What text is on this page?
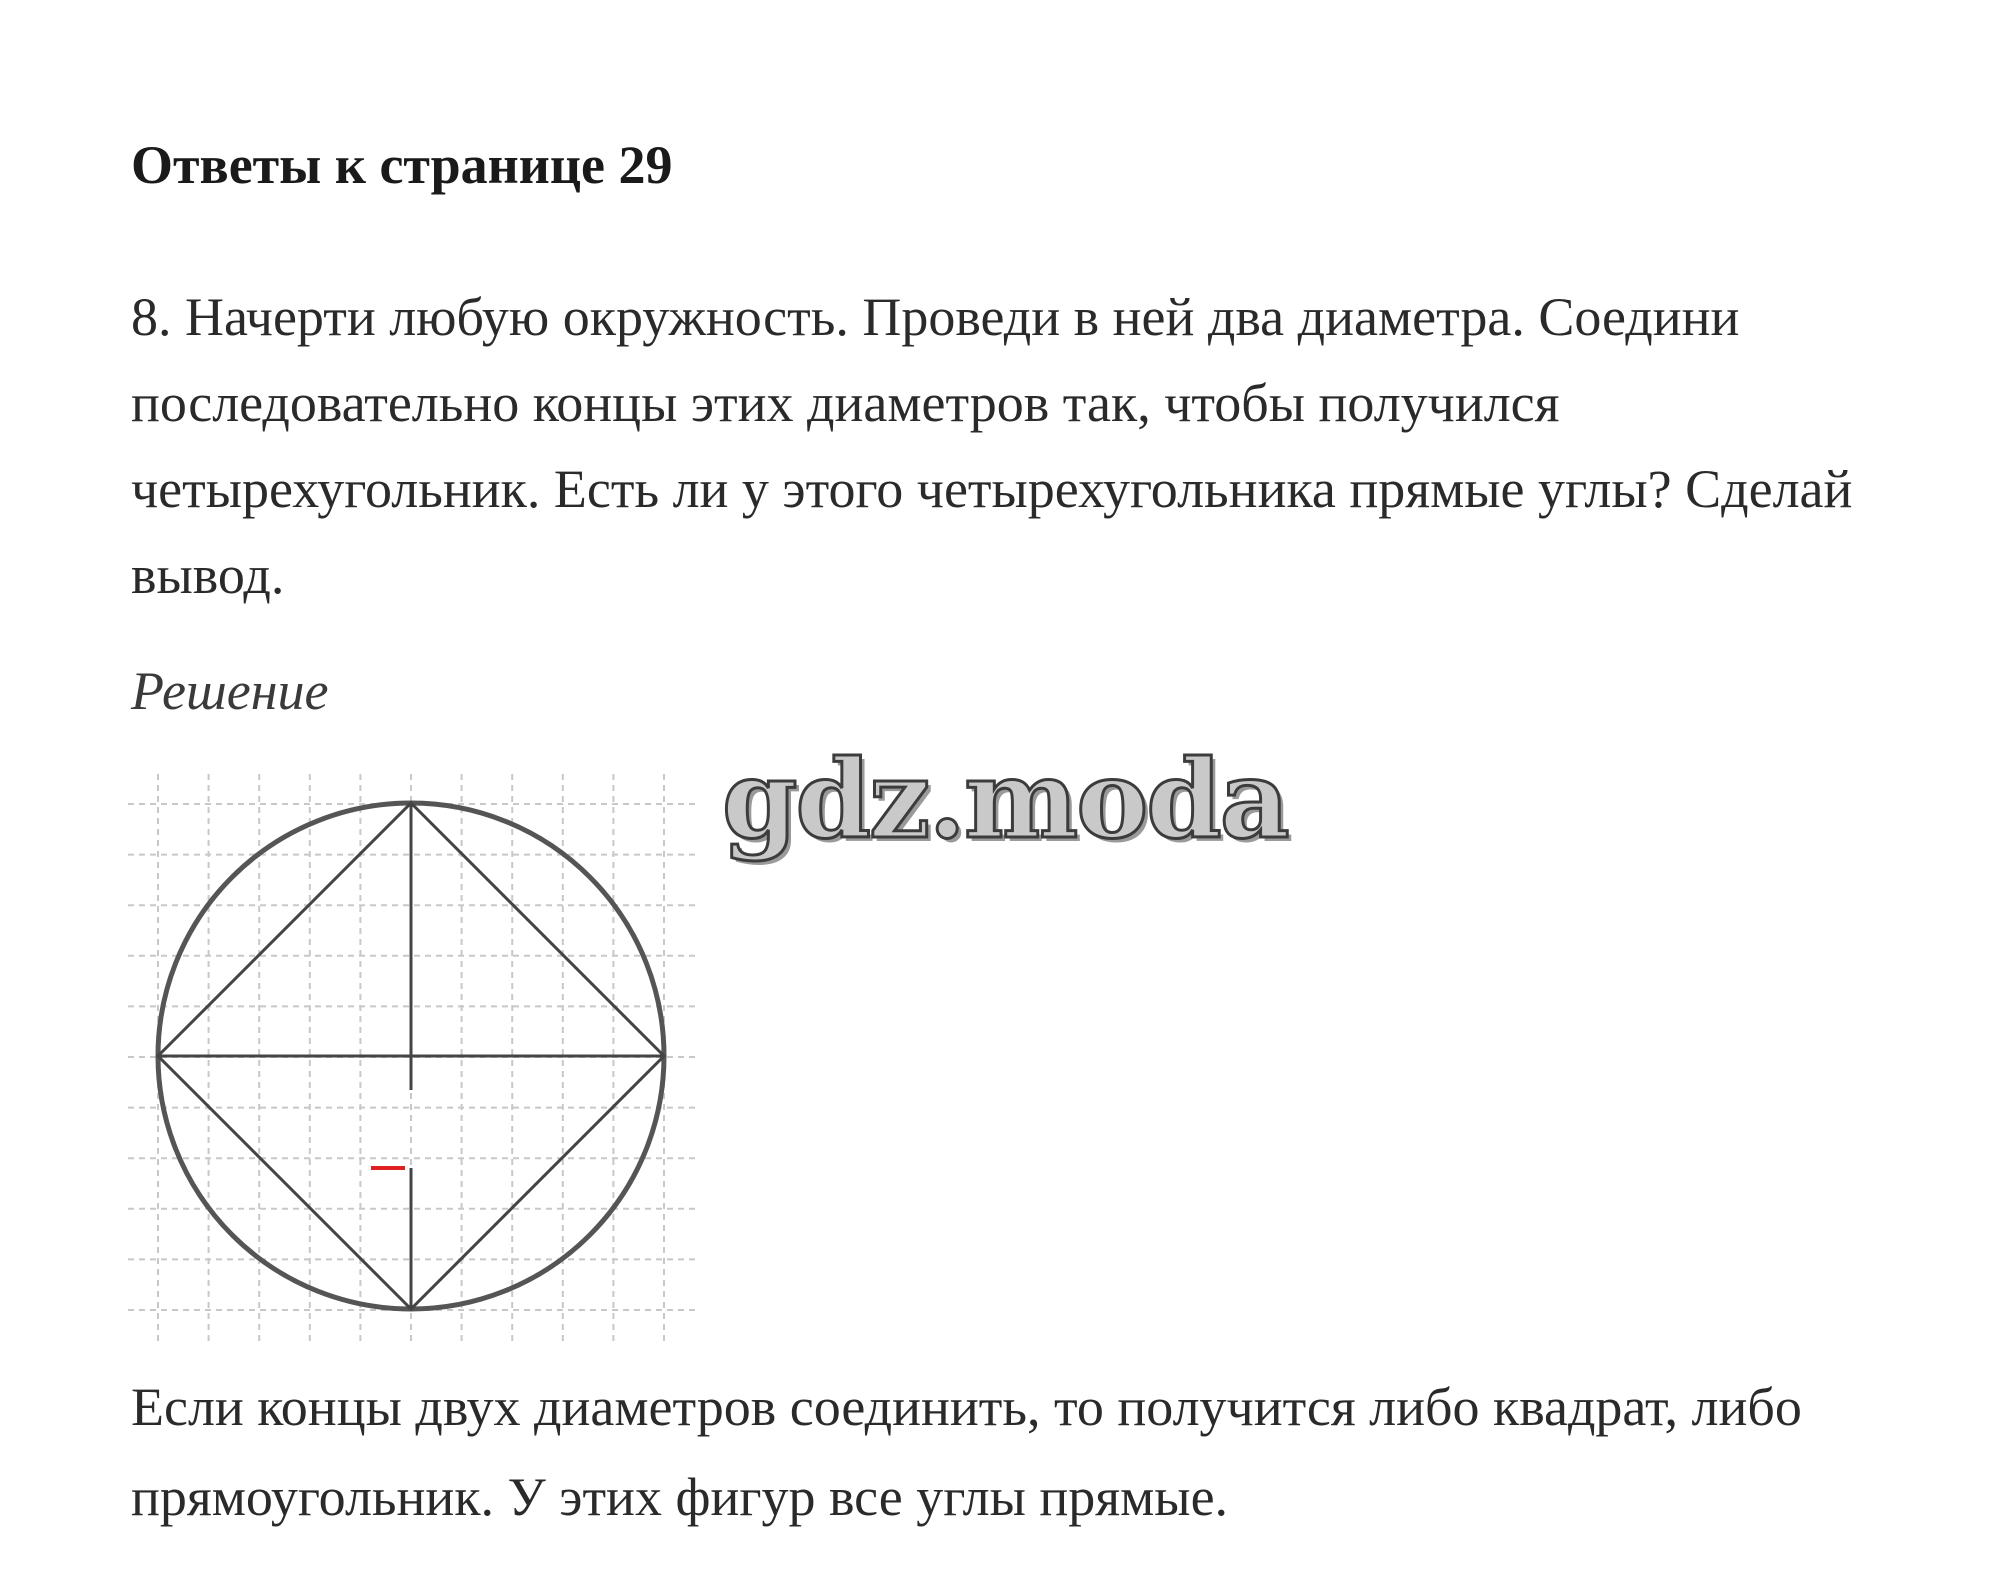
Ответы к странице 29

8. Начерти любую окружность. Проведи в ней два диаметра. Соедини последовательно концы этих диаметров так, чтобы получился четырехугольник. Есть ли у этого четырехугольника прямые углы? Сделай вывод.

Решение

gdz.moda

Если концы двух диаметров соединить, то получится либо квадрат, либо прямоугольник. У этих фигур все углы прямые.
